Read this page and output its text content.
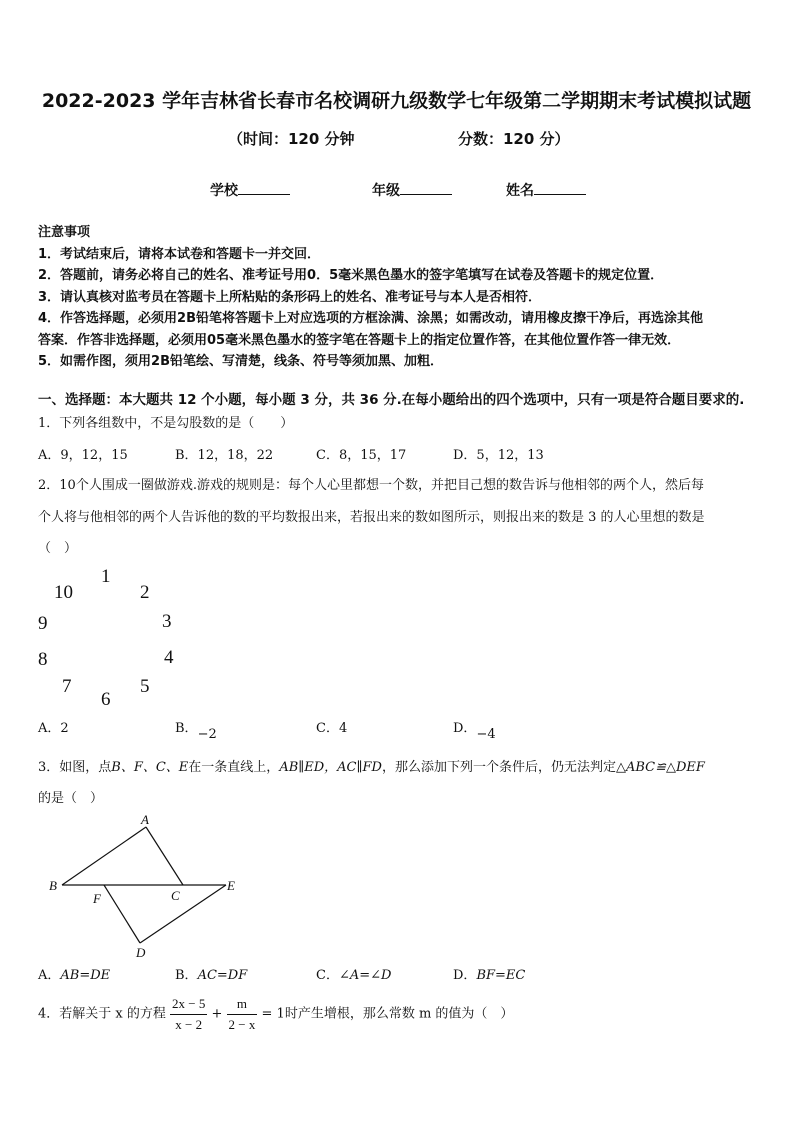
2022-2023 学年吉林省长春市名校调研九级数学七年级第二学期期末考试模拟试题
（时间：120 分钟	分数：120 分）
学校	年级	姓名
注意事项
1．考试结束后，请将本试卷和答题卡一并交回．
2．答题前，请务必将自己的姓名、准考证号用0．5毫米黑色墨水的签字笔填写在试卷及答题卡的规定位置．
3．请认真核对监考员在答题卡上所粘贴的条形码上的姓名、准考证号与本人是否相符．
4．作答选择题，必须用2B铅笔将答题卡上对应选项的方框涂满、涂黑；如需改动，请用橡皮擦干净后，再选涂其他
答案．作答非选择题，必须用05毫米黑色墨水的签字笔在答题卡上的指定位置作答，在其他位置作答一律无效．
5．如需作图，须用2B铅笔绘、写清楚，线条、符号等须加黑、加粗．
一、选择题：本大题共 12 个小题，每小题 3 分，共 36 分.在每小题给出的四个选项中，只有一项是符合题目要求的.
1．下列各组数中，不是勾股数的是（　　）
A．9，12，15	B．12，18，22	C．8，15，17	D．5，12，13
2．10个人围成一圈做游戏.游戏的规则是：每个人心里都想一个数，并把目己想的数告诉与他相邻的两个人，然后每
个人将与他相邻的两个人告诉他的数的平均数报出来，若报出来的数如图所示，则报出来的数是 3 的人心里想的数是
（　）
1
2
3
4
5
6
7
8
9
10
A．2	B．−2	C．4	D．−4
3．如图，点B、F、C、E在一条直线上，AB∥ED，AC∥FD，那么添加下列一个条件后，仍无法判定△ABC≌△DEF
的是（　）
A
B
C
D
E
F
A．AB=DE	B．AC=DF	C．∠A=∠D	D．BF=EC
4．若解关于 x 的方程 $\frac{2x - 5}{x - 2} + \frac{m}{2 - x} = 1$时产生增根，那么常数 m 的值为（　）
